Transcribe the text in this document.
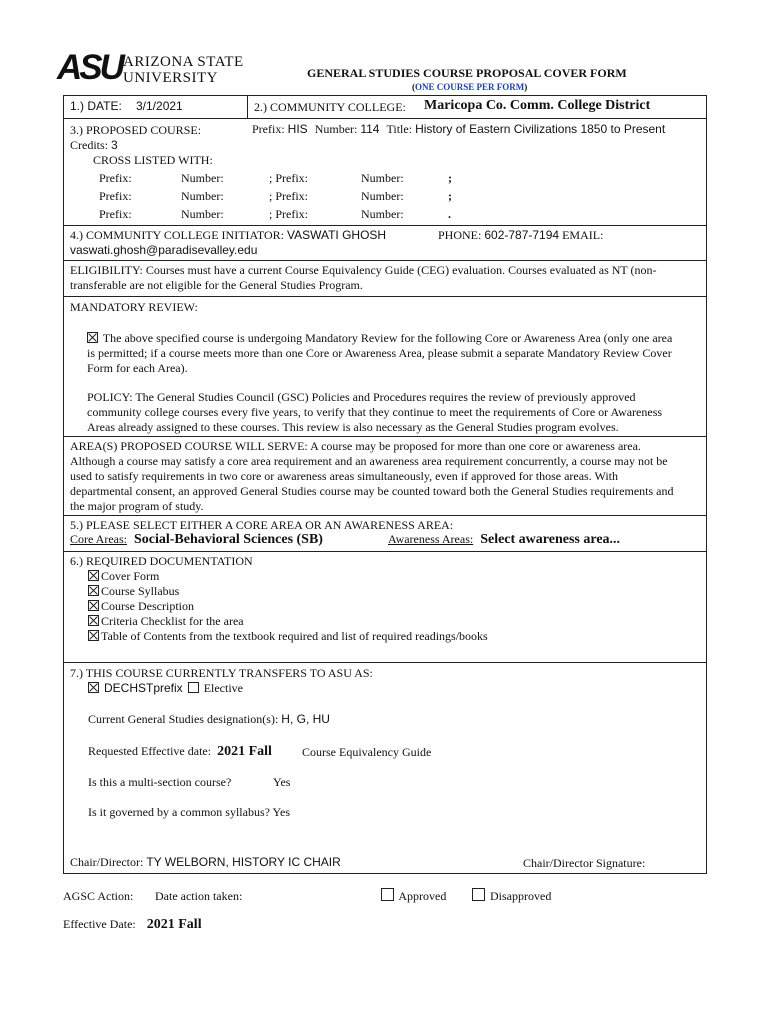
ASU ARIZONA STATE
UNIVERSITY	GENERAL STUDIES COURSE PROPOSAL COVER FORM
(ONE COURSE PER FORM)
1.) DATE: 3/1/2021	2.) COMMUNITY COLLEGE: Maricopa Co. Comm. College District
3.) PROPOSED COURSE:	Prefix: HIS Number: 114 Title: History of Eastern Civilizations 1850 to Present
Credits: 3
CROSS LISTED WITH:
Prefix:	Number:	; Prefix:	Number:	;
Prefix:	Number:	; Prefix:	Number:	;
Prefix:	Number:	; Prefix:	Number:	.
4.) COMMUNITY COLLEGE INITIATOR: VASWATI GHOSH	PHONE: 602-787-7194 EMAIL:
vaswati.ghosh@paradisevalley.edu
ELIGIBILITY: Courses must have a current Course Equivalency Guide (CEG) evaluation. Courses evaluated as NT (non-
transferable are not eligible for the General Studies Program.
MANDATORY REVIEW:
The above specified course is undergoing Mandatory Review for the following Core or Awareness Area (only one area
is permitted; if a course meets more than one Core or Awareness Area, please submit a separate Mandatory Review Cover
Form for each Area).
POLICY: The General Studies Council (GSC) Policies and Procedures requires the review of previously approved
community college courses every five years, to verify that they continue to meet the requirements of Core or Awareness
Areas already assigned to these courses. This review is also necessary as the General Studies program evolves.
AREA(S) PROPOSED COURSE WILL SERVE: A course may be proposed for more than one core or awareness area.
Although a course may satisfy a core area requirement and an awareness area requirement concurrently, a course may not be
used to satisfy requirements in two core or awareness areas simultaneously, even if approved for those areas. With
departmental consent, an approved General Studies course may be counted toward both the General Studies requirements and
the major program of study.
5.) PLEASE SELECT EITHER A CORE AREA OR AN AWARENESS AREA:
Core Areas: Social-Behavioral Sciences (SB)	Awareness Areas: Select awareness area...
6.) REQUIRED DOCUMENTATION
Cover Form
Course Syllabus
Course Description
Criteria Checklist for the area
Table of Contents from the textbook required and list of required readings/books
7.) THIS COURSE CURRENTLY TRANSFERS TO ASU AS:
DECHSTprefix Elective
Current General Studies designation(s): H, G, HU
Requested Effective date: 2021 Fall	Course Equivalency Guide
Is this a multi-section course?	Yes
Is it governed by a common syllabus? Yes
Chair/Director: TY WELBORN, HISTORY IC CHAIR	Chair/Director Signature:
AGSC Action: Date action taken:	Approved	Disapproved
Effective Date: 2021 Fall
